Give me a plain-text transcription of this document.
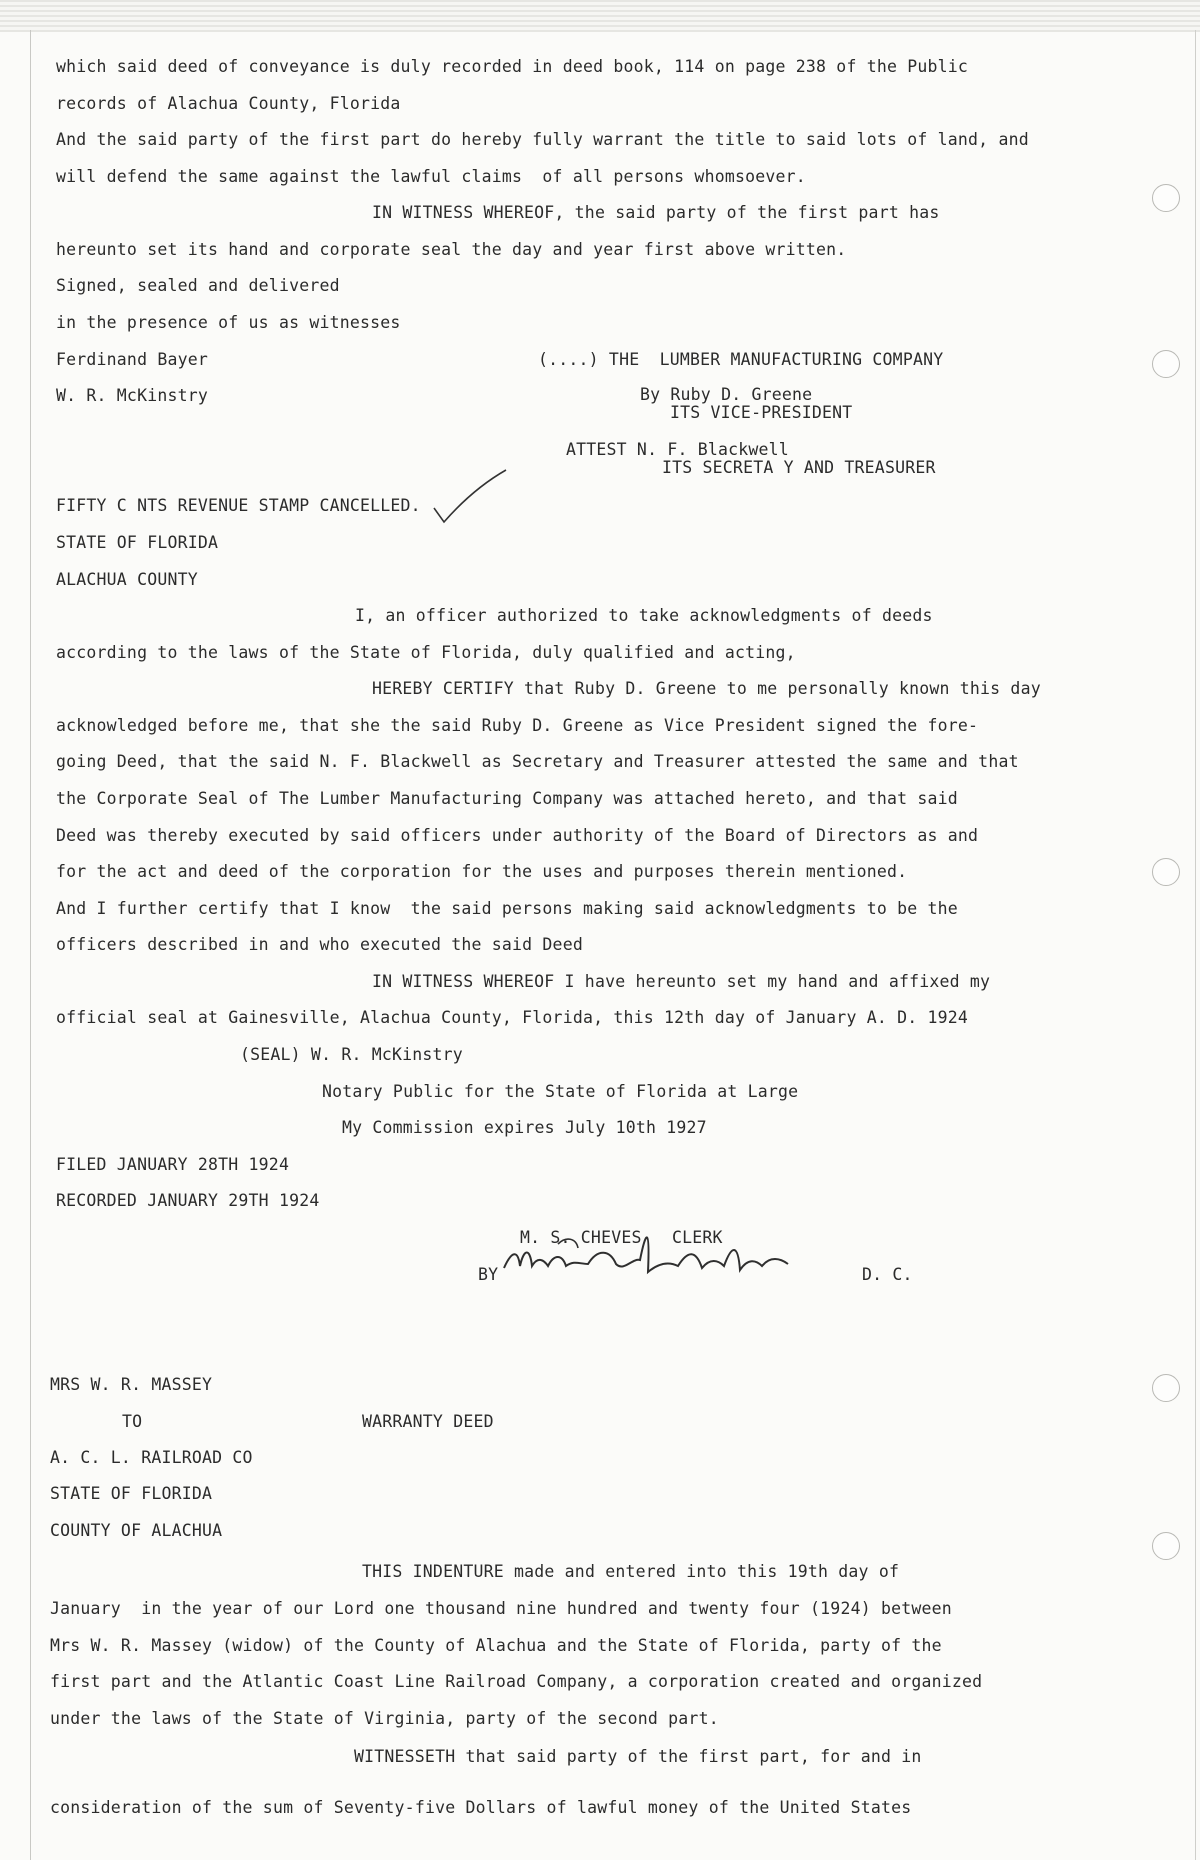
which said deed of conveyance is duly recorded in deed book, 114 on page 238 of the Public
records of Alachua County, Florida
And the said party of the first part do hereby fully warrant the title to said lots of land, and
will defend the same against the lawful claims  of all persons whomsoever.
IN WITNESS WHEREOF, the said party of the first part has
hereunto set its hand and corporate seal the day and year first above written.
Signed, sealed and delivered
in the presence of us as witnesses
Ferdinand Bayer	(....) THE  LUMBER MANUFACTURING COMPANY
W. R. McKinstry	By Ruby D. Greene
ITS VICE-PRESIDENT
ATTEST N. F. Blackwell
ITS SECRETA Y AND TREASURER
FIFTY C NTS REVENUE STAMP CANCELLED.
STATE OF FLORIDA
ALACHUA COUNTY
I, an officer authorized to take acknowledgments of deeds
according to the laws of the State of Florida, duly qualified and acting,
HEREBY CERTIFY that Ruby D. Greene to me personally known this day
acknowledged before me, that she the said Ruby D. Greene as Vice President signed the fore-
going Deed, that the said N. F. Blackwell as Secretary and Treasurer attested the same and that
the Corporate Seal of The Lumber Manufacturing Company was attached hereto, and that said
Deed was thereby executed by said officers under authority of the Board of Directors as and
for the act and deed of the corporation for the uses and purposes therein mentioned.
And I further certify that I know  the said persons making said acknowledgments to be the
officers described in and who executed the said Deed
IN WITNESS WHEREOF I have hereunto set my hand and affixed my
official seal at Gainesville, Alachua County, Florida, this 12th day of January A. D. 1924
(SEAL) W. R. McKinstry
Notary Public for the State of Florida at Large
My Commission expires July 10th 1927
FILED JANUARY 28TH 1924
RECORDED JANUARY 29TH 1924
M. S. CHEVES   CLERK
BY	D. C.
MRS W. R. MASSEY
TO	WARRANTY DEED
A. C. L. RAILROAD CO
STATE OF FLORIDA
COUNTY OF ALACHUA
THIS INDENTURE made and entered into this 19th day of
January  in the year of our Lord one thousand nine hundred and twenty four (1924) between
Mrs W. R. Massey (widow) of the County of Alachua and the State of Florida, party of the
first part and the Atlantic Coast Line Railroad Company, a corporation created and organized
under the laws of the State of Virginia, party of the second part.
WITNESSETH that said party of the first part, for and in
consideration of the sum of Seventy-five Dollars of lawful money of the United States
